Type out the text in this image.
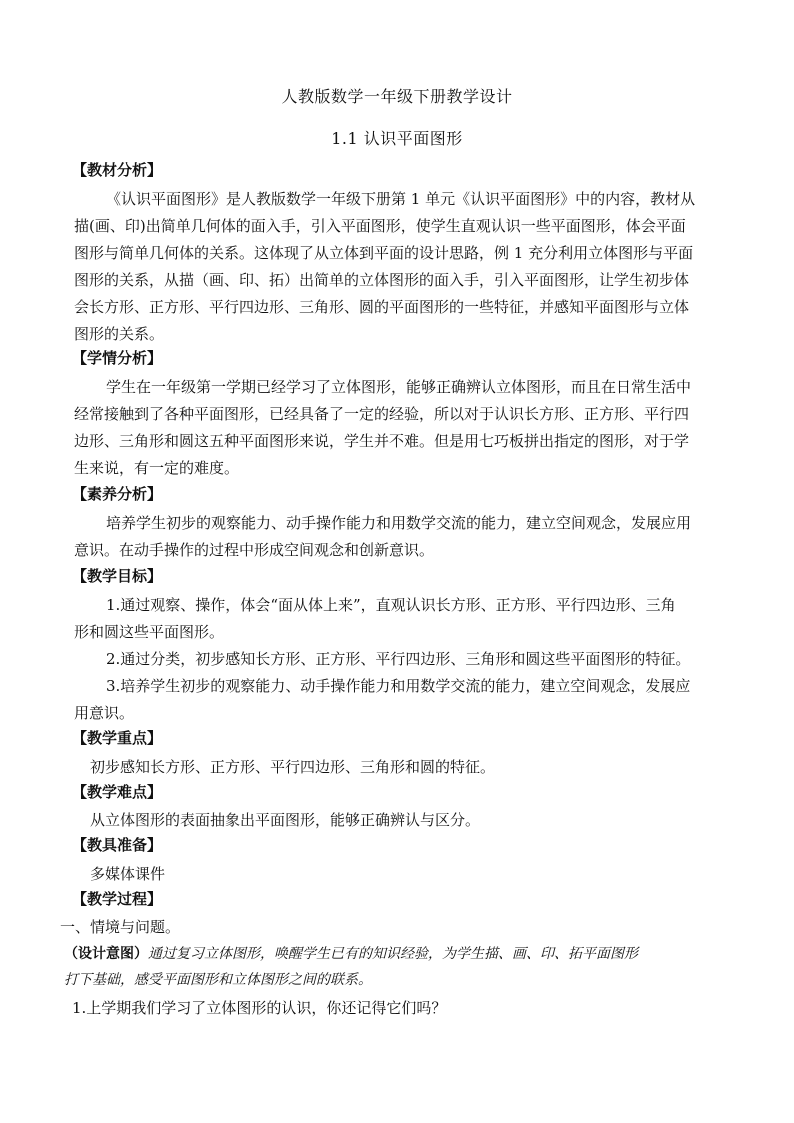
人教版数学一年级下册教学设计
1.1 认识平面图形
【教材分析】
《认识平面图形》是人教版数学一年级下册第 1 单元《认识平面图形》中的内容，教材从
描(画、印)出简单几何体的面入手，引入平面图形，使学生直观认识一些平面图形，体会平面
图形与简单几何体的关系。这体现了从立体到平面的设计思路，例 1 充分利用立体图形与平面
图形的关系，从描（画、印、拓）出简单的立体图形的面入手，引入平面图形，让学生初步体
会长方形、正方形、平行四边形、三角形、圆的平面图形的一些特征，并感知平面图形与立体
图形的关系。
【学情分析】
学生在一年级第一学期已经学习了立体图形，能够正确辨认立体图形，而且在日常生活中
经常接触到了各种平面图形，已经具备了一定的经验，所以对于认识长方形、正方形、平行四
边形、三角形和圆这五种平面图形来说，学生并不难。但是用七巧板拼出指定的图形，对于学
生来说，有一定的难度。
【素养分析】
培养学生初步的观察能力、动手操作能力和用数学交流的能力，建立空间观念，发展应用
意识。在动手操作的过程中形成空间观念和创新意识。
【教学目标】
1.通过观察、操作，体会“面从体上来”，直观认识长方形、正方形、平行四边形、三角
形和圆这些平面图形。
2.通过分类，初步感知长方形、正方形、平行四边形、三角形和圆这些平面图形的特征。
3.培养学生初步的观察能力、动手操作能力和用数学交流的能力，建立空间观念，发展应
用意识。
【教学重点】
初步感知长方形、正方形、平行四边形、三角形和圆的特征。
【教学难点】
从立体图形的表面抽象出平面图形，能够正确辨认与区分。
【教具准备】
多媒体课件
【教学过程】
一、情境与问题。
（设计意图）通过复习立体图形，唤醒学生已有的知识经验，为学生描、画、印、拓平面图形
打下基础，感受平面图形和立体图形之间的联系。
1.上学期我们学习了立体图形的认识，你还记得它们吗？
